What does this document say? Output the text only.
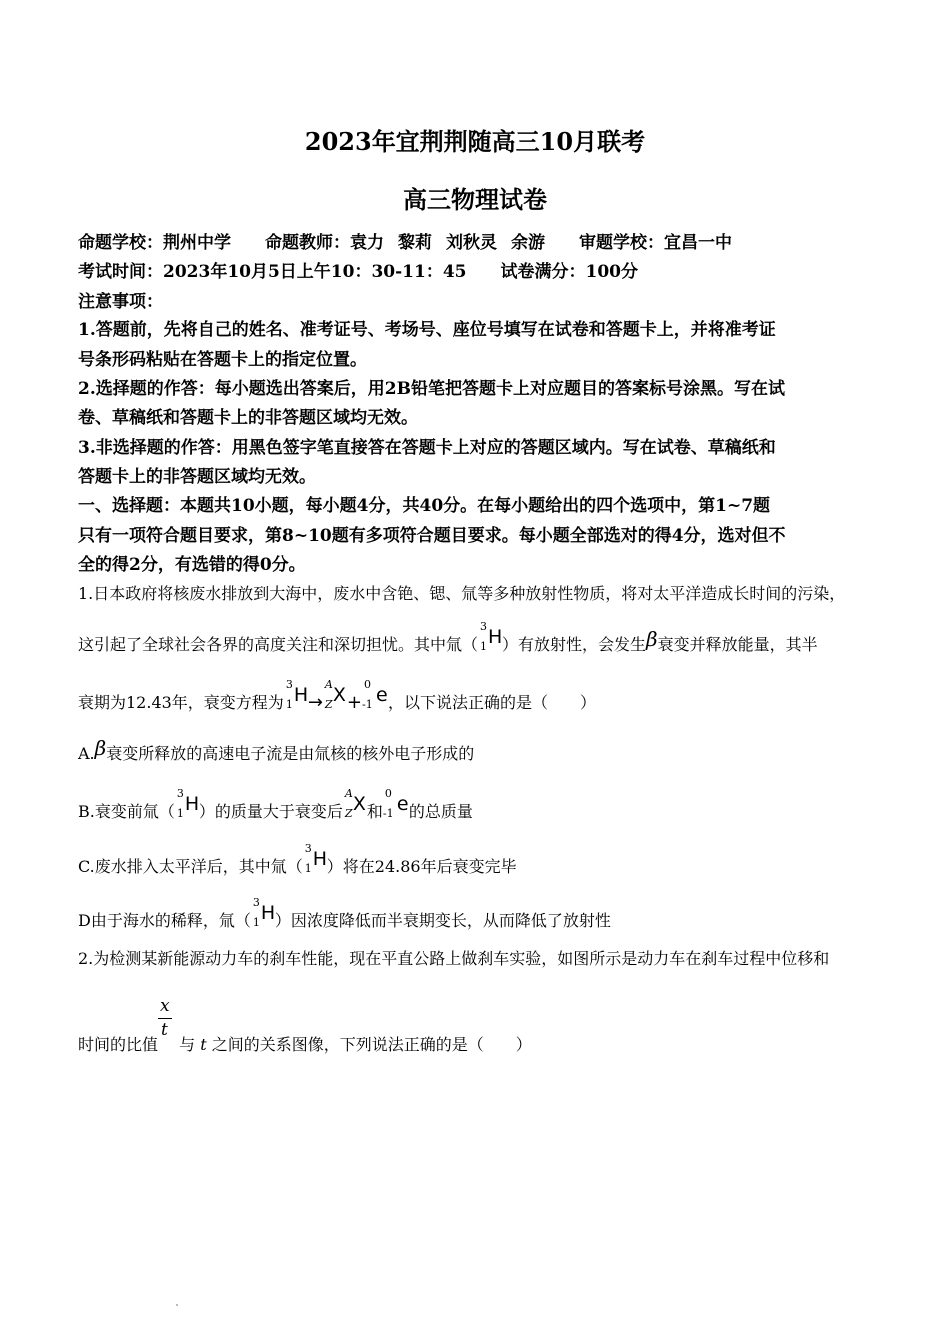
2023年宜荆荆随高三10月联考
高三物理试卷
命题学校：荆州中学 命题教师：袁力 黎莉 刘秋灵 余游 审题学校：宜昌一中
考试时间：2023年10月5日上午10：30-11：45 试卷满分：100分
注意事项：
1.答题前，先将自己的姓名、准考证号、考场号、座位号填写在试卷和答题卡上，并将准考证
号条形码粘贴在答题卡上的指定位置。
2.选择题的作答：每小题选出答案后，用2B铅笔把答题卡上对应题目的答案标号涂黑。写在试
卷、草稿纸和答题卡上的非答题区域均无效。
3.非选择题的作答：用黑色签字笔直接答在答题卡上对应的答题区域内。写在试卷、草稿纸和
答题卡上的非答题区域均无效。
一、选择题：本题共10小题，每小题4分，共40分。在每小题给出的四个选项中，第1~7题
只有一项符合题目要求，第8~10题有多项符合题目要求。每小题全部选对的得4分，选对但不
全的得2分，有选错的得0分。
1.日本政府将核废水排放到大海中，废水中含铯、锶、氚等多种放射性物质，将对太平洋造成长时间的污染，
这引起了全球社会各界的高度关注和深切担忧。其中氚（
3
1 H ）有放射性，会发生β衰变并释放能量，其半
衰期为12.43年，衰变方程为
3
1 H →
A
Z X +
0
-1 e ，以下说法正确的是（　　）
A.β衰变所释放的高速电子流是由氚核的核外电子形成的
B.衰变前氚（
3
1 H ）的质量大于衰变后
A
Z X 和
0
-1 e 的总质量
C.废水排入太平洋后，其中氚（
3
1 H ）将在24.86年后衰变完毕
D由于海水的稀释，氚（
3
1 H ）因浓度降低而半衰期变长，从而降低了放射性
2.为检测某新能源动力车的刹车性能，现在平直公路上做刹车实验，如图所示是动力车在刹车过程中位移和
时间的比值 $\frac{x}{t}$ 与 t 之间的关系图像，下列说法正确的是（　　）
